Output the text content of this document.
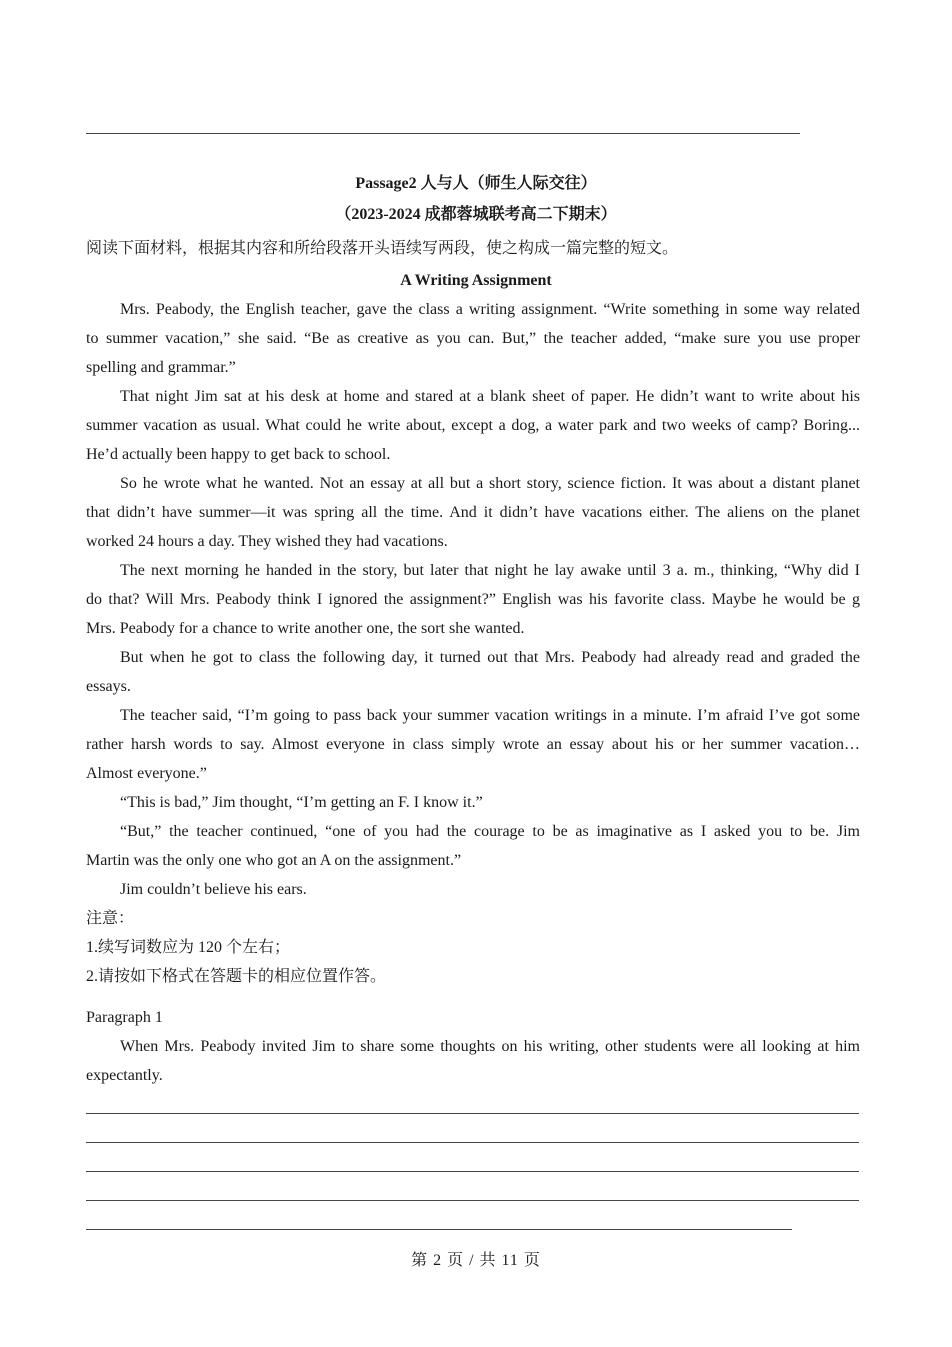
Passage2 人与人（师生人际交往）
（2023-2024 成都蓉城联考高二下期末）
阅读下面材料，根据其内容和所给段落开头语续写两段，使之构成一篇完整的短文。
A Writing Assignment
Mrs. Peabody, the English teacher, gave the class a writing assignment. “Write something in some way related
to summer vacation,” she said. “Be as creative as you can. But,” the teacher added, “make sure you use proper
spelling and grammar.”
That night Jim sat at his desk at home and stared at a blank sheet of paper. He didn’t want to write about his
summer vacation as usual. What could he write about, except a dog, a water park and two weeks of camp? Boring...
He’d actually been happy to get back to school.
So he wrote what he wanted. Not an essay at all but a short story, science fiction. It was about a distant planet
that didn’t have summer—it was spring all the time. And it didn’t have vacations either. The aliens on the planet
worked 24 hours a day. They wished they had vacations.
The next morning he handed in the story, but later that night he lay awake until 3 a. m., thinking, “Why did I
do that? Will Mrs. Peabody think I ignored the assignment?” English was his favorite class. Maybe he would be g
Mrs. Peabody for a chance to write another one, the sort she wanted.
But when he got to class the following day, it turned out that Mrs. Peabody had already read and graded the
essays.
The teacher said, “I’m going to pass back your summer vacation writings in a minute. I’m afraid I’ve got some
rather harsh words to say. Almost everyone in class simply wrote an essay about his or her summer vacation…
Almost everyone.”
“This is bad,” Jim thought, “I’m getting an F. I know it.”
“But,” the teacher continued, “one of you had the courage to be as imaginative as I asked you to be. Jim
Martin was the only one who got an A on the assignment.”
Jim couldn’t believe his ears.
注意：
1.续写词数应为 120 个左右；
2.请按如下格式在答题卡的相应位置作答。
Paragraph 1
When Mrs. Peabody invited Jim to share some thoughts on his writing, other students were all looking at him
expectantly.
第 2 页 / 共 11 页
